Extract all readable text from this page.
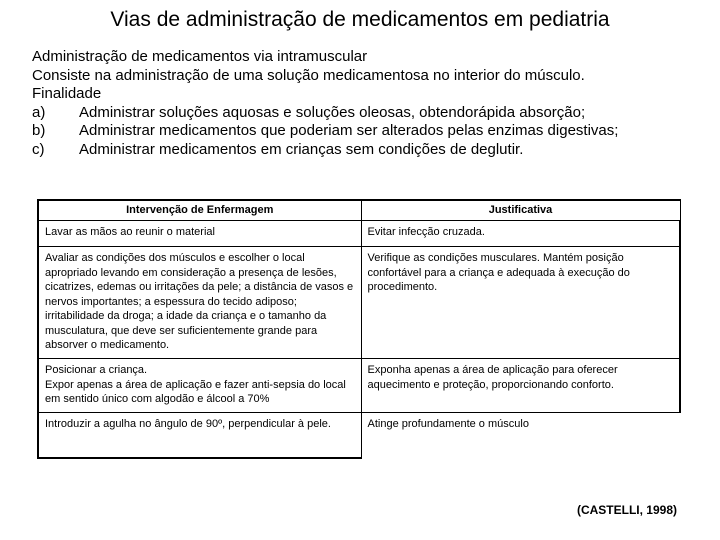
Vias de administração de medicamentos em pediatria
Administração de medicamentos via intramuscular
Consiste na administração de uma solução medicamentosa no interior do músculo.
Finalidade
a)	Administrar soluções aquosas e soluções oleosas, obtendorápida absorção;
b)	Administrar medicamentos que poderiam ser alterados pelas enzimas digestivas;
c)	Administrar medicamentos em crianças sem condições de deglutir.
Intervenção de Enfermagem	Justificativa
Lavar as mãos ao reunir o material	Evitar infecção cruzada.
Avaliar as condições dos músculos e escolher o local apropriado levando em consideração a presença de lesões, cicatrizes, edemas ou irritações da pele; a distância de vasos e nervos importantes; a espessura do tecido adiposo; irritabilidade da droga; a idade da criança e o tamanho da musculatura, que deve ser suficientemente grande para absorver o medicamento.	Verifique as condições musculares. Mantém posição confortável para a criança e adequada à execução do procedimento.

Posicionar a criança.
Expor apenas a área de aplicação e fazer anti-sepsia do local em sentido único com algodão e álcool a 70%	Exponha apenas a área de aplicação para oferecer aquecimento e proteção, proporcionando conforto.
Introduzir a agulha no ângulo de 90º, perpendicular à pele.	Atinge profundamente o músculo
(CASTELLI, 1998)
